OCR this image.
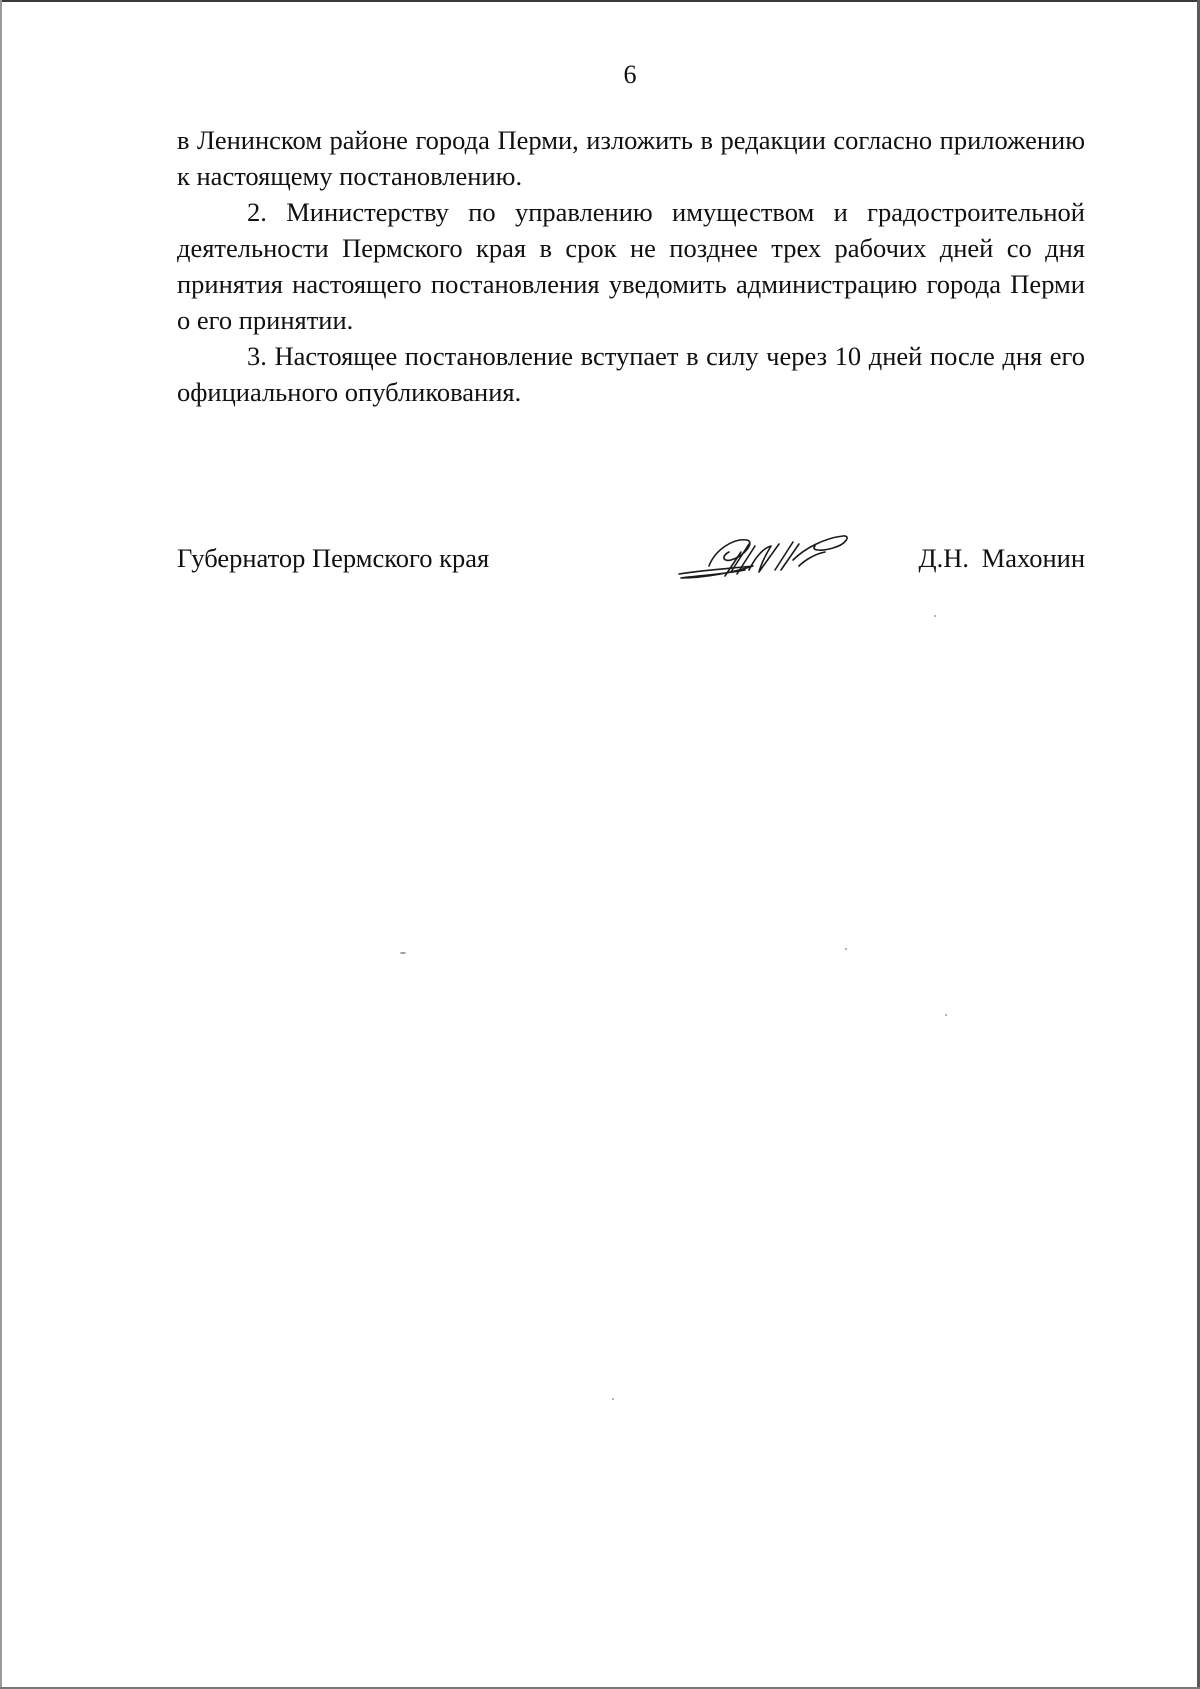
6

в Ленинском районе города Перми, изложить в редакции согласно приложению к настоящему постановлению.

2. Министерству по управлению имуществом и градостроительной деятельности Пермского края в срок не позднее трех рабочих дней со дня принятия настоящего постановления уведомить администрацию города Перми о его принятии.

3. Настоящее постановление вступает в силу через 10 дней после дня его официального опубликования.

Губернатор Пермского края	Д.Н. Махонин
